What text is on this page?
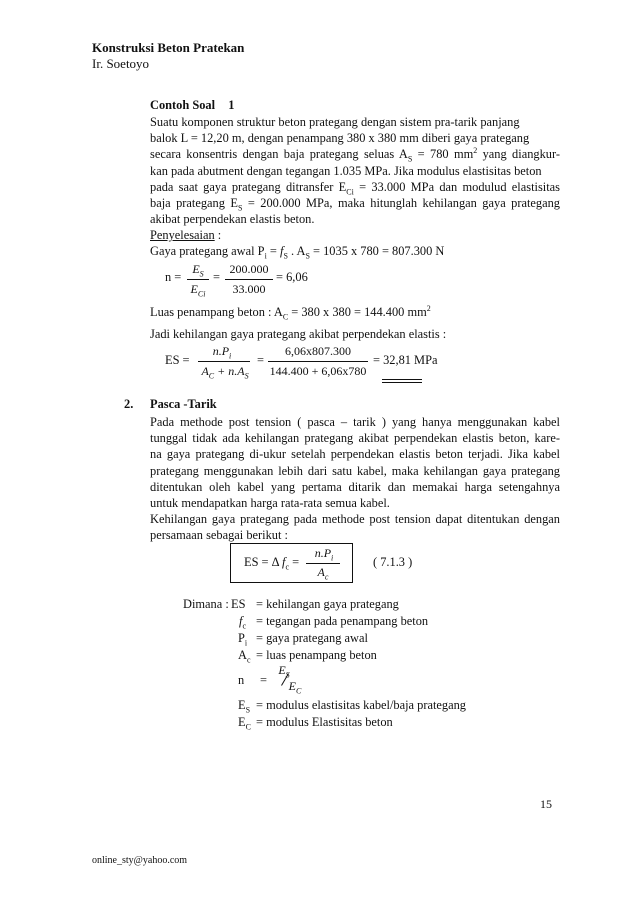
Konstruksi Beton Pratekan
Ir. Soetoyo
Contoh Soal 1
Suatu komponen struktur beton prategang dengan sistem pra-tarik panjang
balok L = 12,20 m, dengan penampang 380 x 380 mm diberi gaya prategang
secara konsentris dengan baja prategang seluas $A_S = 780$ $mm^2$ yang diangkur-
kan pada abutment dengan tegangan 1.035 MPa. Jika modulus elastisitas beton
pada saat gaya prategang ditransfer $E_{Ci} = 33.000$ MPa dan modulud elastisitas
baja prategang $E_S = 200.000$ MPa, maka hitunglah kehilangan gaya prategang
akibat perpendekan elastis beton.
Penyelesaian :
Gaya prategang awal $P_i = f_S$ . $A_S = 1035$ x 780 = 807.300 N
n =
$E_S$
$E_{Ci}$
=
200.000
33.000
= 6,06
Luas penampang beton : $A_C = 380$ x 380 = 144.400 $mm^2$
Jadi kehilangan gaya prategang akibat perpendekan elastis :
ES =
$n.P_i$
$A_C + n.A_S$
=
6,06x807.300
144.400 + 6,06x780
= 32,81 MPa
2. Pasca -Tarik
Pada methode post tension ( pasca – tarik ) yang hanya menggunakan kabel
tunggal tidak ada kehilangan prategang akibat perpendekan elastis beton, kare-
na gaya prategang di-ukur setelah perpendekan elastis beton terjadi. Jika kabel
prategang menggunakan lebih dari satu kabel, maka kehilangan gaya prategang
ditentukan oleh kabel yang pertama ditarik dan memakai harga setengahnya
untuk mendapatkan harga rata-rata semua kabel.
Kehilangan gaya prategang pada methode post tension dapat ditentukan dengan
persamaan sebagai berikut :
ES = Δ $f_c$ =
$n.P_i$
$A_c$
( 7.1.3 )
Dimana : ES = kehilangan gaya prategang
$f_c$ = tegangan pada penampang beton
$P_i$ = gaya prategang awal
$A_c$ = luas penampang beton
n =
$E_S$
$E_C$
$E_S$ = modulus elastisitas kabel/baja prategang
$E_C$ = modulus Elastisitas beton
15
online_sty@yahoo.com
